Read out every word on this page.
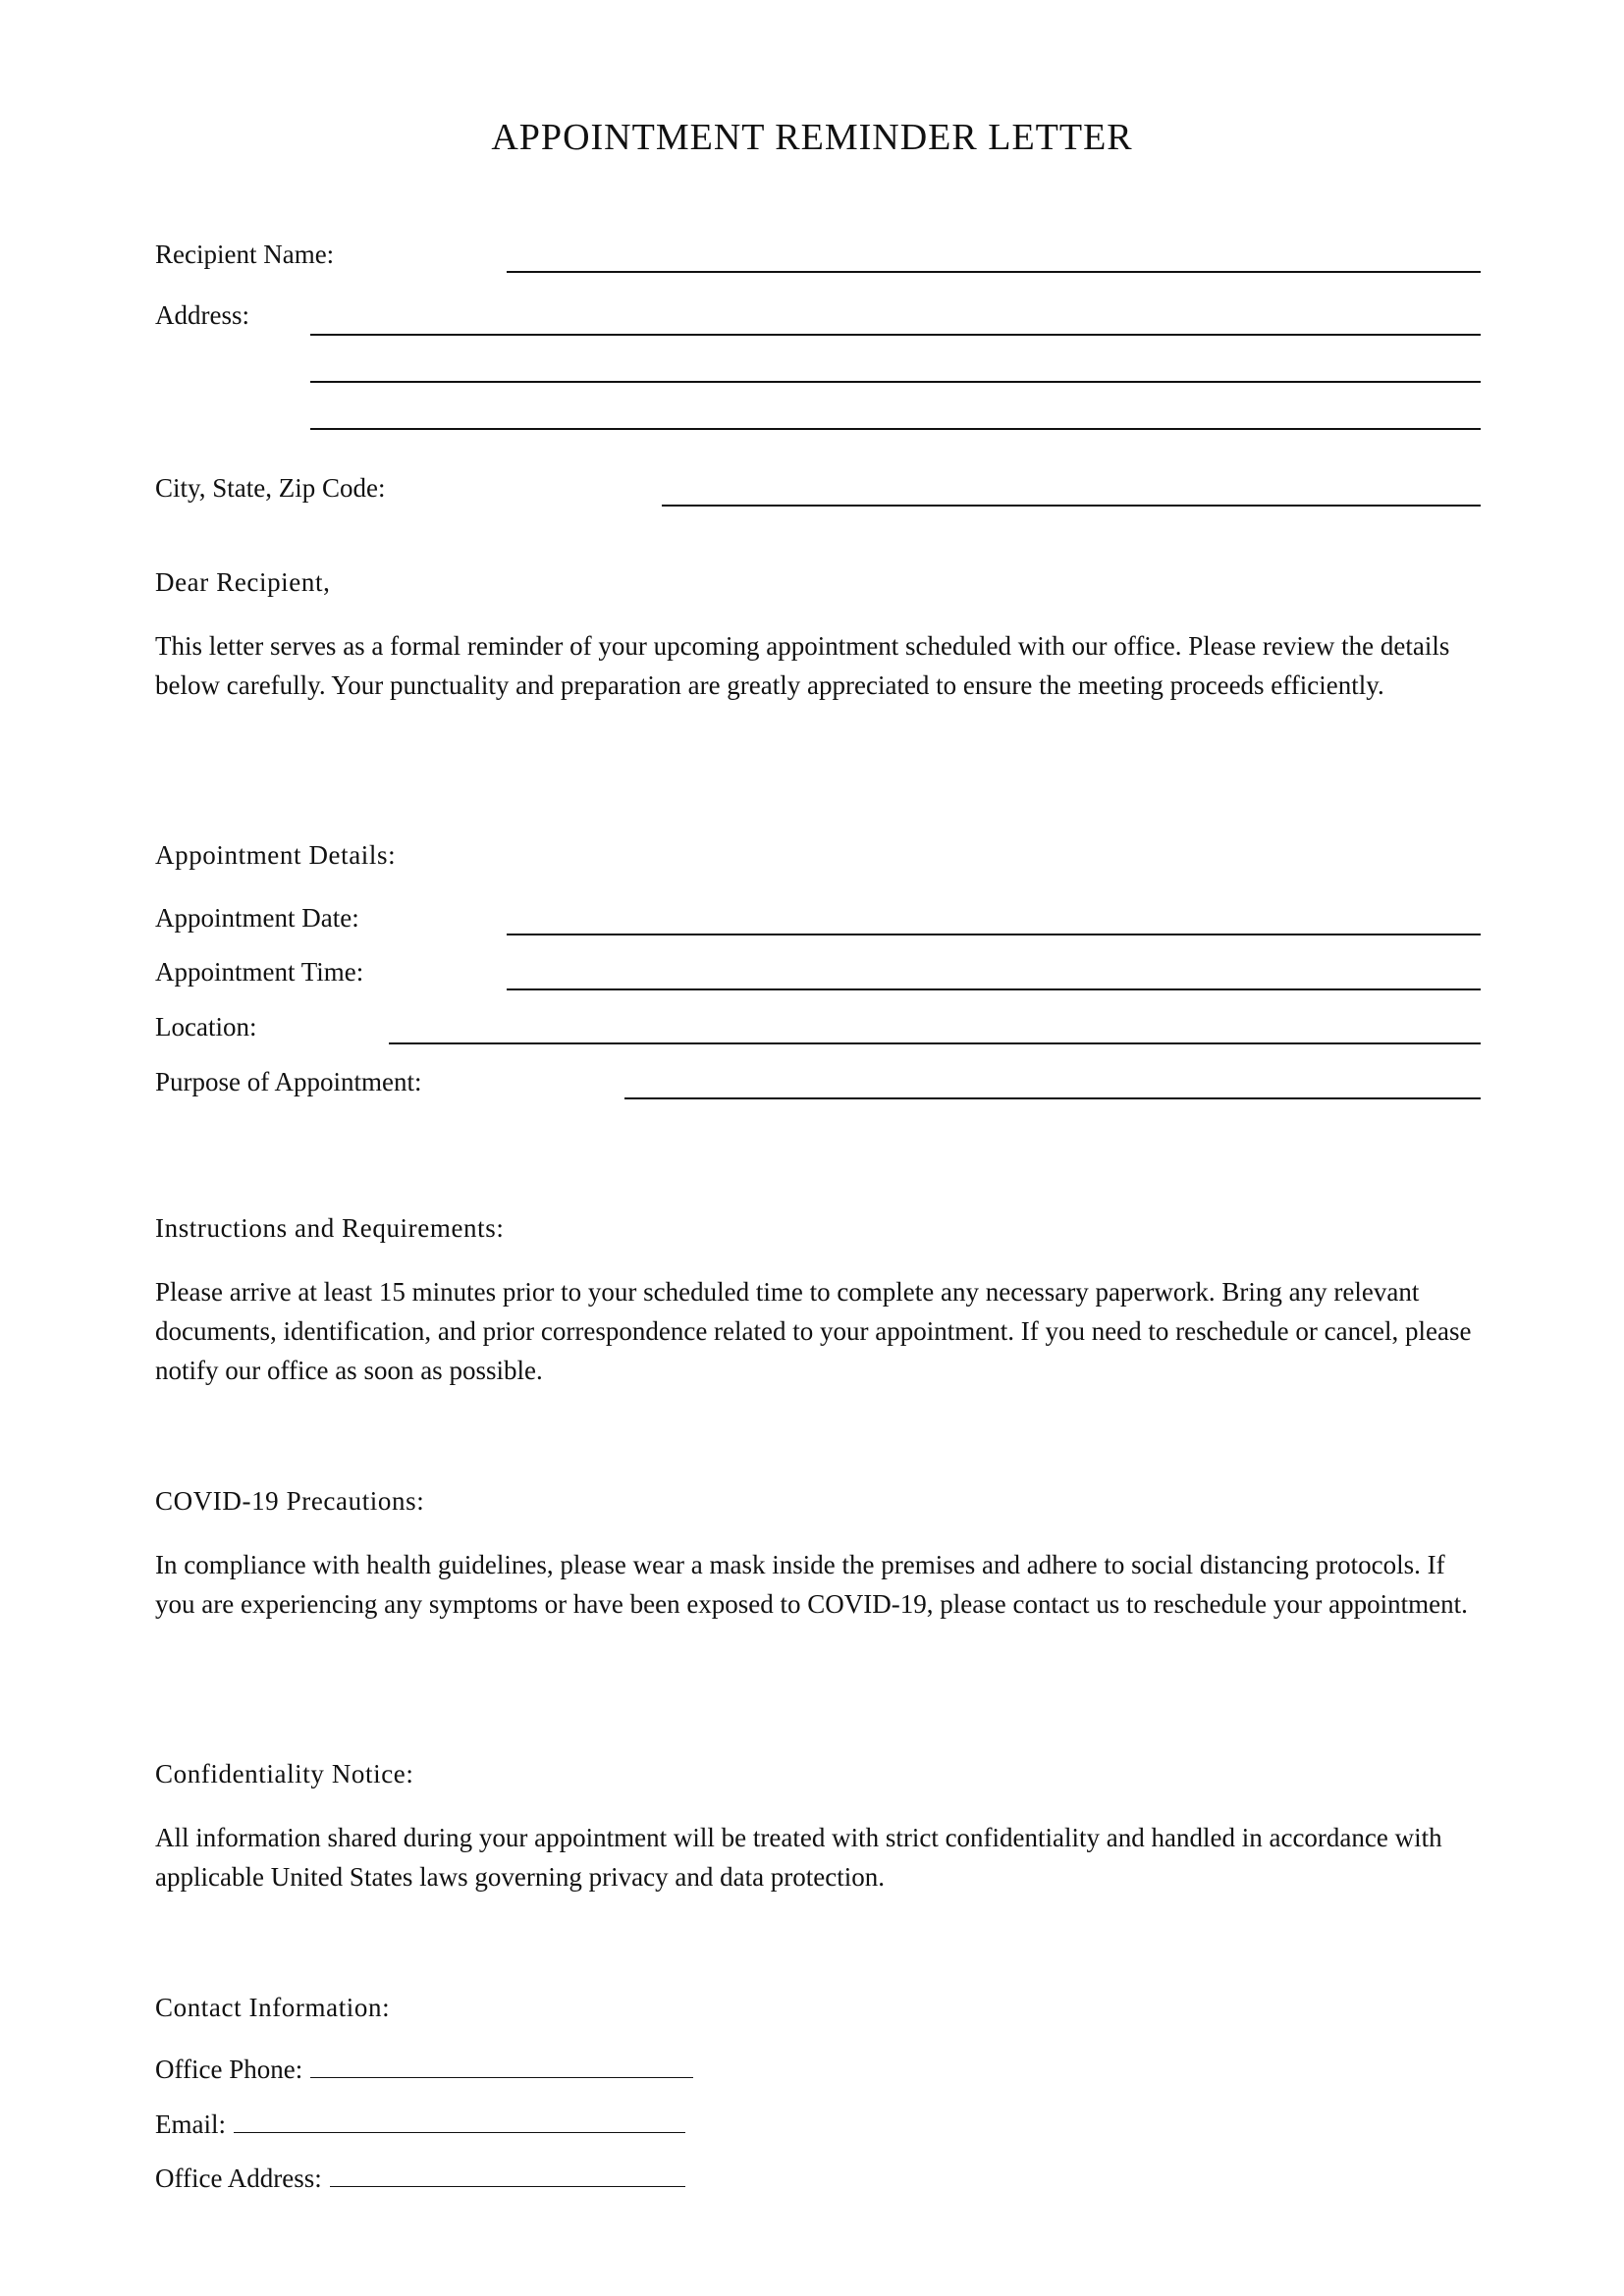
APPOINTMENT REMINDER LETTER
Recipient Name:
Address:
City, State, Zip Code:
Dear Recipient,
This letter serves as a formal reminder of your upcoming appointment scheduled with our office. Please review the details below carefully. Your punctuality and preparation are greatly appreciated to ensure the meeting proceeds efficiently.
Appointment Details:
Appointment Date:
Appointment Time:
Location:
Purpose of Appointment:
Instructions and Requirements:
Please arrive at least 15 minutes prior to your scheduled time to complete any necessary paperwork. Bring any relevant documents, identification, and prior correspondence related to your appointment. If you need to reschedule or cancel, please notify our office as soon as possible.
COVID-19 Precautions:
In compliance with health guidelines, please wear a mask inside the premises and adhere to social distancing protocols. If you are experiencing any symptoms or have been exposed to COVID-19, please contact us to reschedule your appointment.
Confidentiality Notice:
All information shared during your appointment will be treated with strict confidentiality and handled in accordance with applicable United States laws governing privacy and data protection.
Contact Information:
Office Phone:
Email:
Office Address:
